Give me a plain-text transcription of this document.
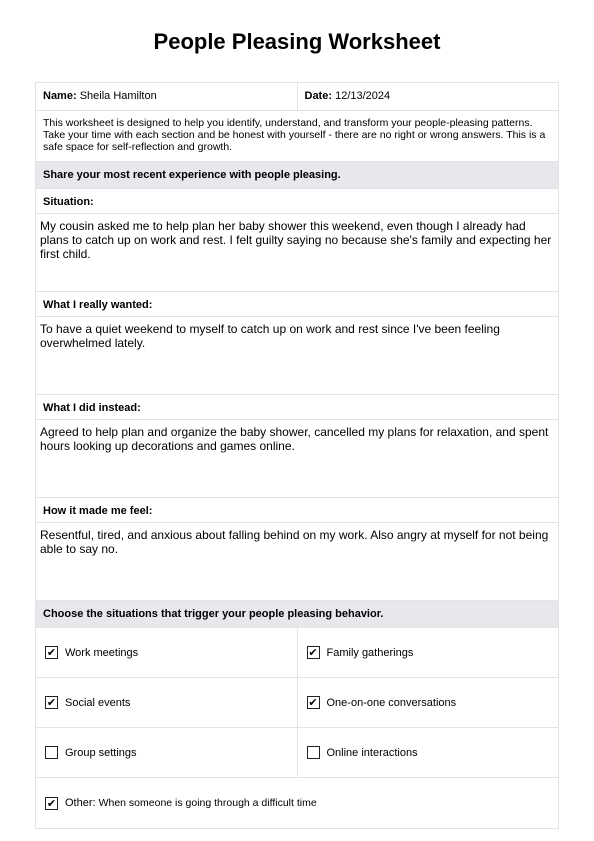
People Pleasing Worksheet
Name: Sheila Hamilton	Date: 12/13/2024
This worksheet is designed to help you identify, understand, and transform your people-pleasing patterns. Take your time with each section and be honest with yourself - there are no right or wrong answers. This is a safe space for self-reflection and growth.
Share your most recent experience with people pleasing.
Situation:
My cousin asked me to help plan her baby shower this weekend, even though I already had plans to catch up on work and rest. I felt guilty saying no because she's family and expecting her first child.
What I really wanted:
To have a quiet weekend to myself to catch up on work and rest since I've been feeling overwhelmed lately.
What I did instead:
Agreed to help plan and organize the baby shower, cancelled my plans for relaxation, and spent hours looking up decorations and games online.
How it made me feel:
Resentful, tired, and anxious about falling behind on my work. Also angry at myself for not being able to say no.
Choose the situations that trigger your people pleasing behavior.
✔ Work meetings	✔ Family gatherings
✔ Social events	✔ One-on-one conversations
Group settings	Online interactions
✔ Other: When someone is going through a difficult time
